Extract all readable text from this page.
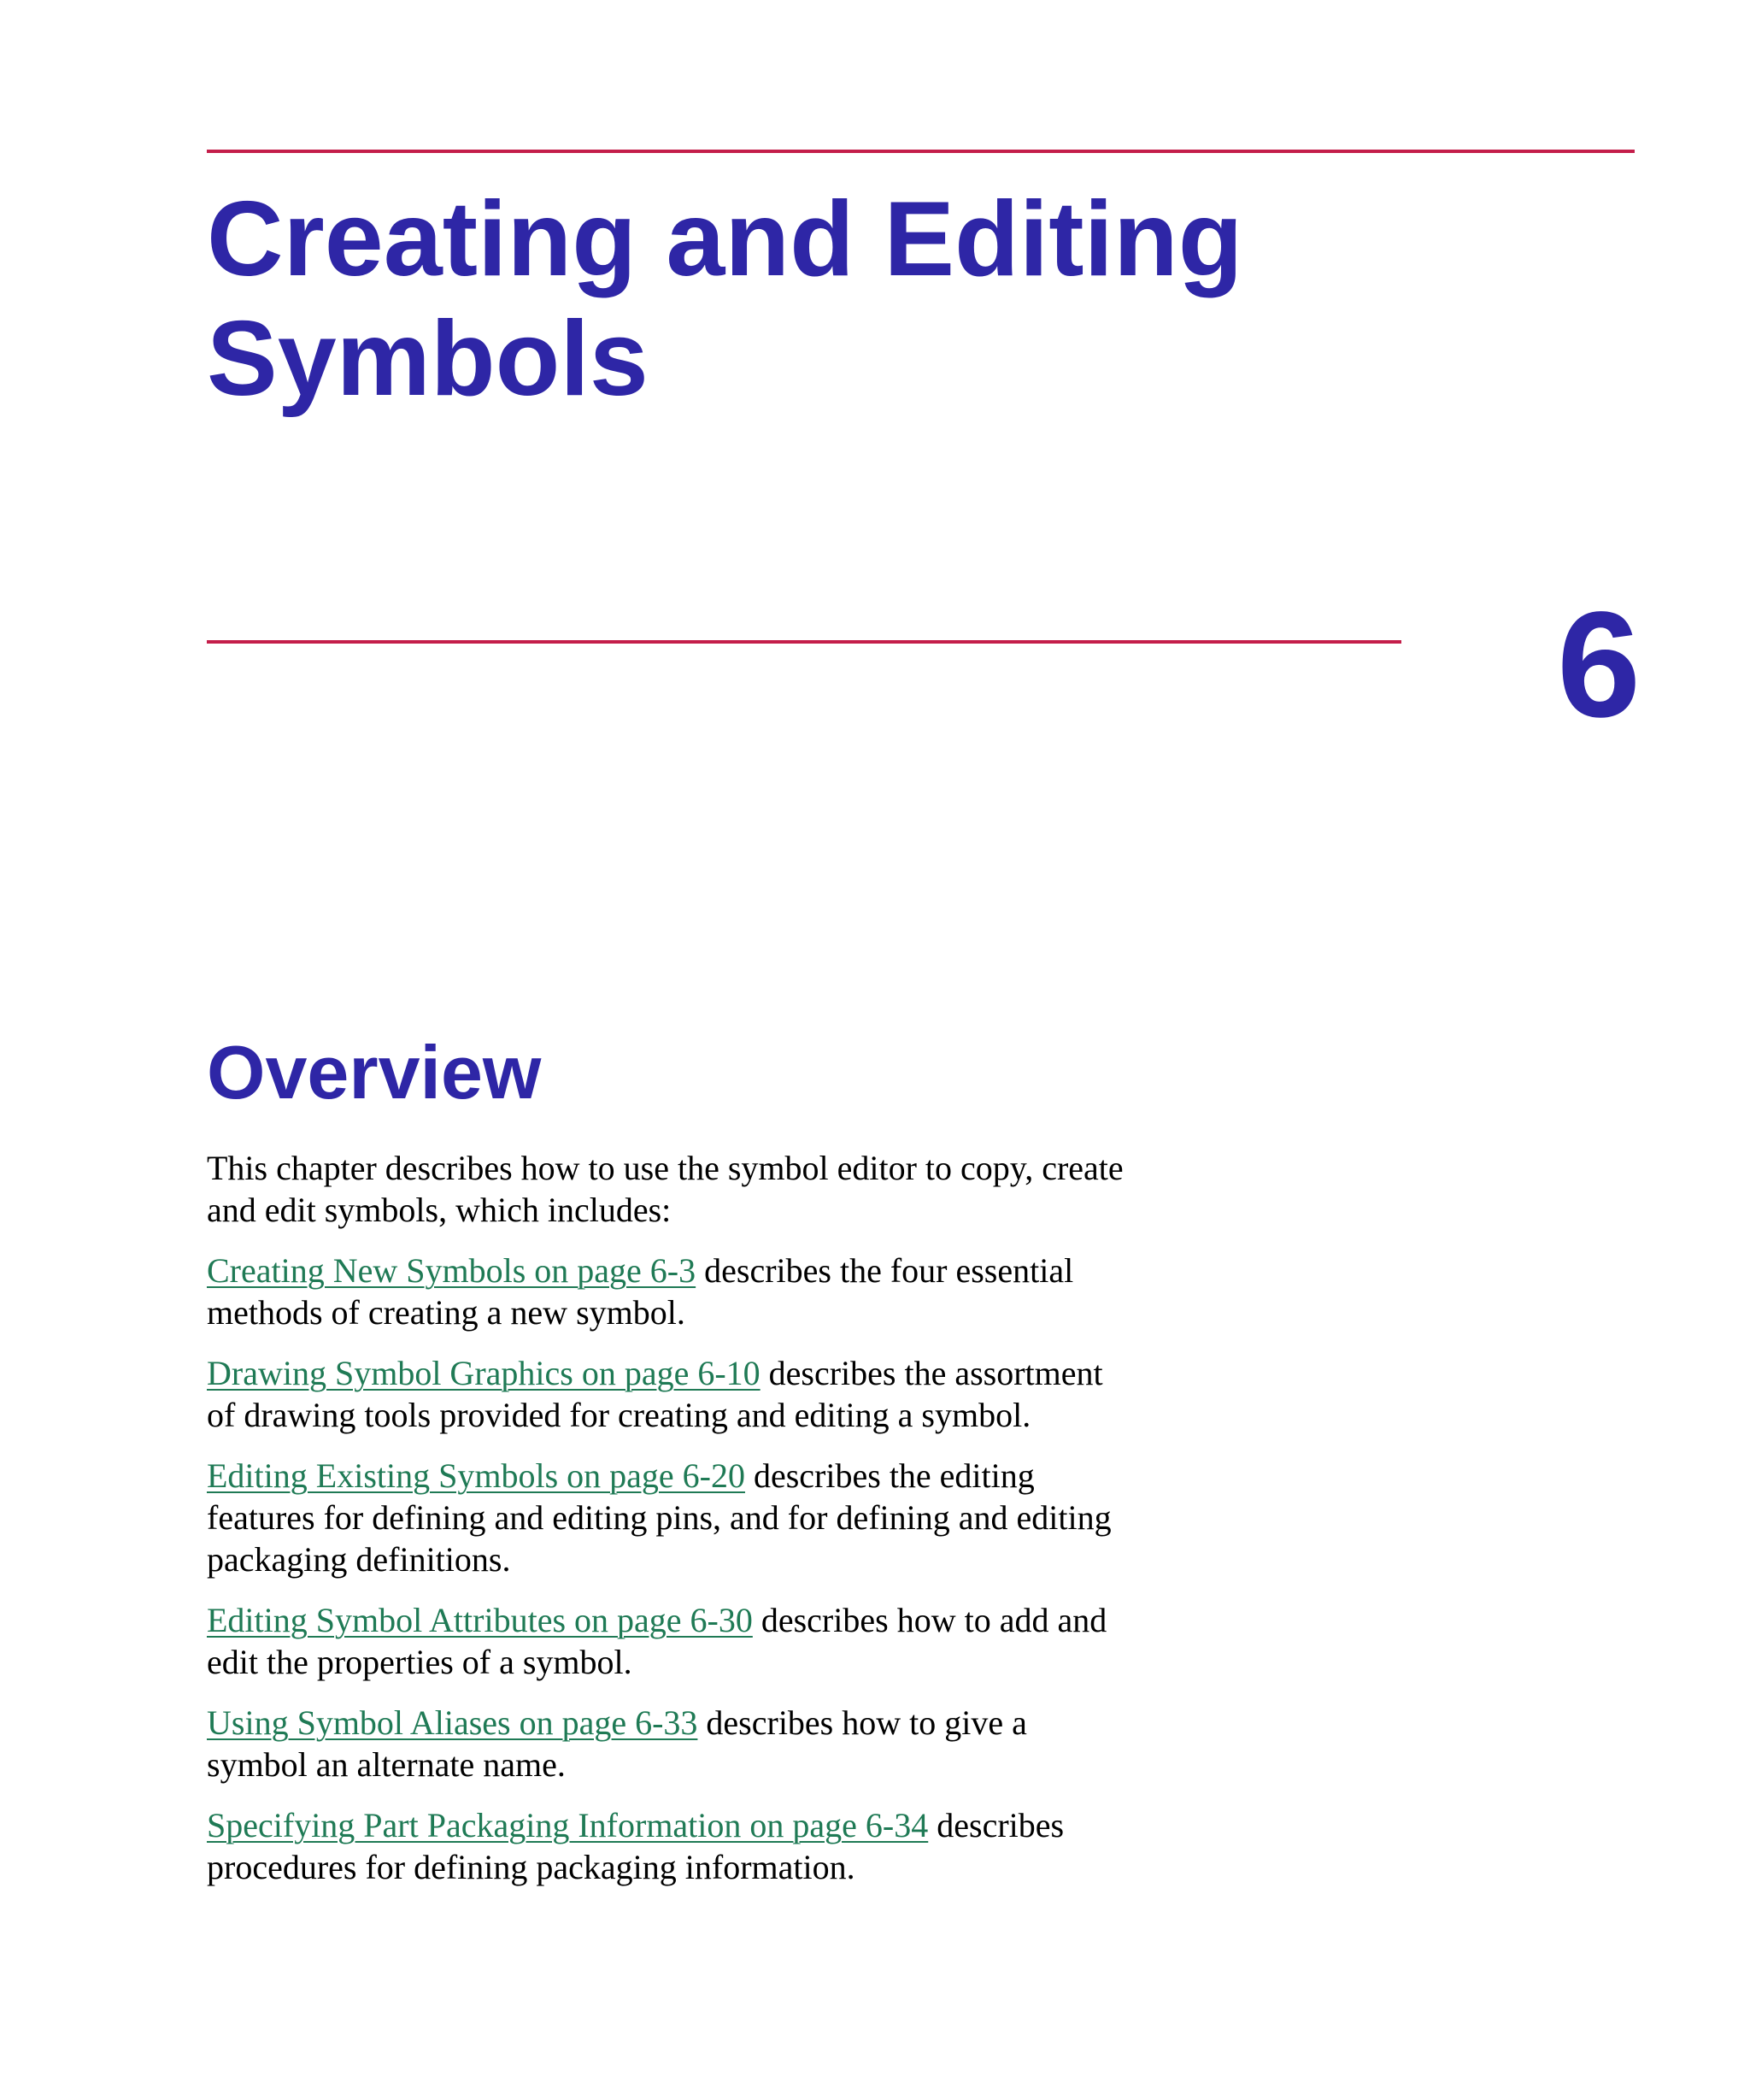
Creating and Editing Symbols
6
Overview

This chapter describes how to use the symbol editor to copy, create and edit symbols, which includes:

Creating New Symbols on page 6-3 describes the four essential methods of creating a new symbol.

Drawing Symbol Graphics on page 6-10 describes the assortment of drawing tools provided for creating and editing a symbol.

Editing Existing Symbols on page 6-20 describes the editing features for defining and editing pins, and for defining and editing packaging definitions.

Editing Symbol Attributes on page 6-30 describes how to add and edit the properties of a symbol.

Using Symbol Aliases on page 6-33 describes how to give a symbol an alternate name.

Specifying Part Packaging Information on page 6-34 describes procedures for defining packaging information.
